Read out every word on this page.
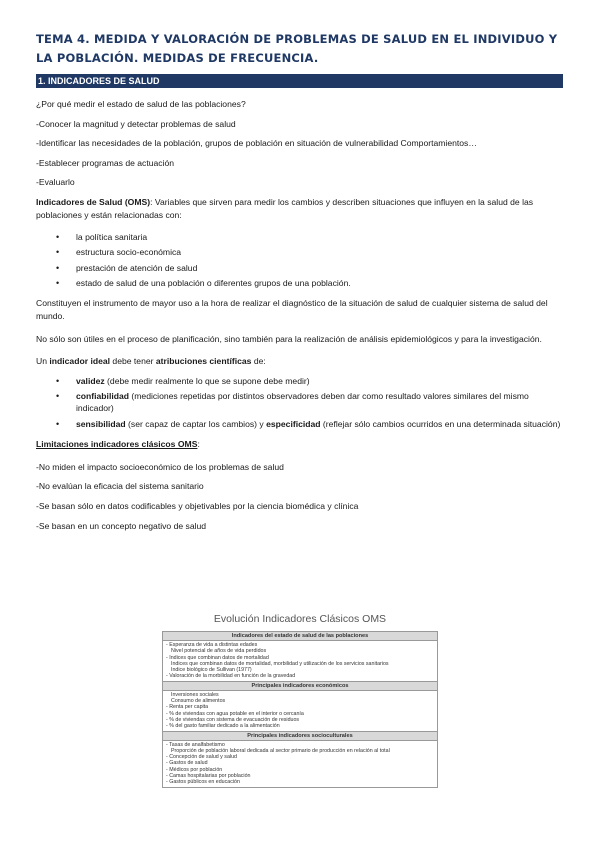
TEMA 4. MEDIDA Y VALORACIÓN DE PROBLEMAS DE SALUD EN EL INDIVIDUO Y LA POBLACIÓN. MEDIDAS DE FRECUENCIA.
1. INDICADORES DE SALUD

¿Por qué medir el estado de salud de las poblaciones?

-Conocer la magnitud y detectar problemas de salud

-Identificar las necesidades de la población, grupos de población en situación de vulnerabilidad Comportamientos…

-Establecer programas de actuación

-Evaluarlo

Indicadores de Salud (OMS): Variables que sirven para medir los cambios y describen situaciones que influyen en la salud de las poblaciones y están relacionadas con:

• la política sanitaria
• estructura socio-económica
• prestación de atención de salud
• estado de salud de una población o diferentes grupos de una población.

Constituyen el instrumento de mayor uso a la hora de realizar el diagnóstico de la situación de salud de cualquier sistema de salud del mundo.

No sólo son útiles en el proceso de planificación, sino también para la realización de análisis epidemiológicos y para la investigación.

Un indicador ideal debe tener atribuciones científicas de:

• validez (debe medir realmente lo que se supone debe medir)
• confiabilidad (mediciones repetidas por distintos observadores deben dar como resultado valores similares del mismo indicador)
• sensibilidad (ser capaz de captar los cambios) y especificidad (reflejar sólo cambios ocurridos en una determinada situación)

Limitaciones indicadores clásicos OMS:

-No miden el impacto socioeconómico de los problemas de salud

-No evalúan la eficacia del sistema sanitario

-Se basan sólo en datos codificables y objetivables por la ciencia biomédica y clínica

-Se basan en un concepto negativo de salud

Evolución Indicadores Clásicos OMS
Indicadores del estado de salud de las poblaciones
- Esperanza de vida a distintas edades
Nivel potencial de años de vida perdidos
- Índices que combinan datos de mortalidad
Índices que combinan datos de mortalidad, morbilidad y utilización de los servicios sanitarios
Índice biológico de Sullivan (1977)
- Valoración de la morbilidad en función de la gravedad
Principales indicadores económicos
Inversiones sociales
Consumo de alimentos
- Renta per capita
- % de viviendas con agua potable en el interior o cercanía
- % de viviendas con sistema de evacuación de residuos
- % del gasto familiar dedicado a la alimentación
Principales indicadores socioculturales
- Tasas de analfabetismo
Proporción de población laboral dedicada al sector primario de producción en relación al total
- Concepción de salud y salud
- Gastos de salud
- Médicos por población
- Camas hospitalarias por población
- Gastos públicos en educación
